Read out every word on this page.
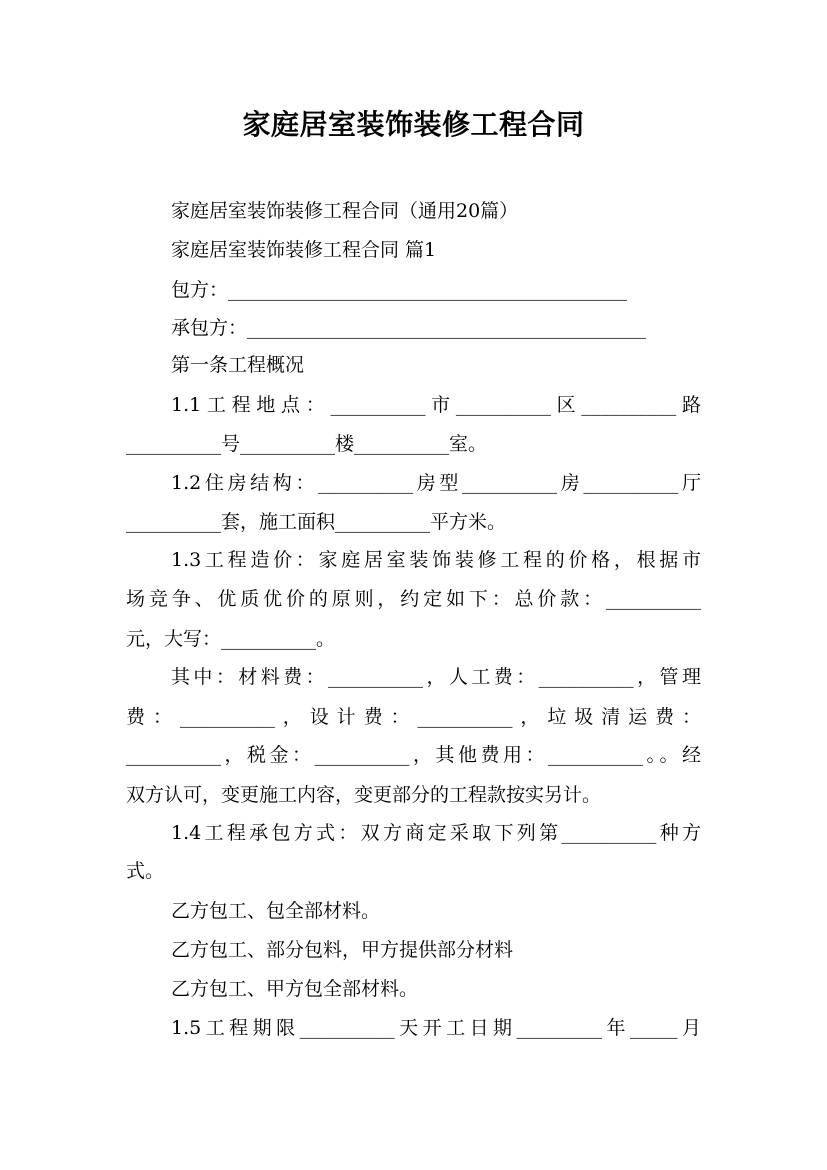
家庭居室装饰装修工程合同
家庭居室装饰装修工程合同（通用20篇）
家庭居室装饰装修工程合同 篇1
包方：__________________________________________
承包方：__________________________________________
第一条工程概况
1.1工程地点：__________市__________区__________路
__________号__________楼__________室。
1.2住房结构：__________房型__________房__________厅
__________套，施工面积__________平方米。
1.3工程造价：家庭居室装饰装修工程的价格，根据市
场竞争、优质优价的原则，约定如下：总价款：__________
元，大写：__________。
其中：材料费：__________，人工费：__________，管理
费：__________，设计费：__________，垃圾清运费：
__________，税金：__________，其他费用：__________。。经
双方认可，变更施工内容，变更部分的工程款按实另计。
1.4工程承包方式：双方商定采取下列第__________种方
式。
乙方包工、包全部材料。
乙方包工、部分包料，甲方提供部分材料
乙方包工、甲方包全部材料。
1.5工程期限__________天开工日期_________年_____月
